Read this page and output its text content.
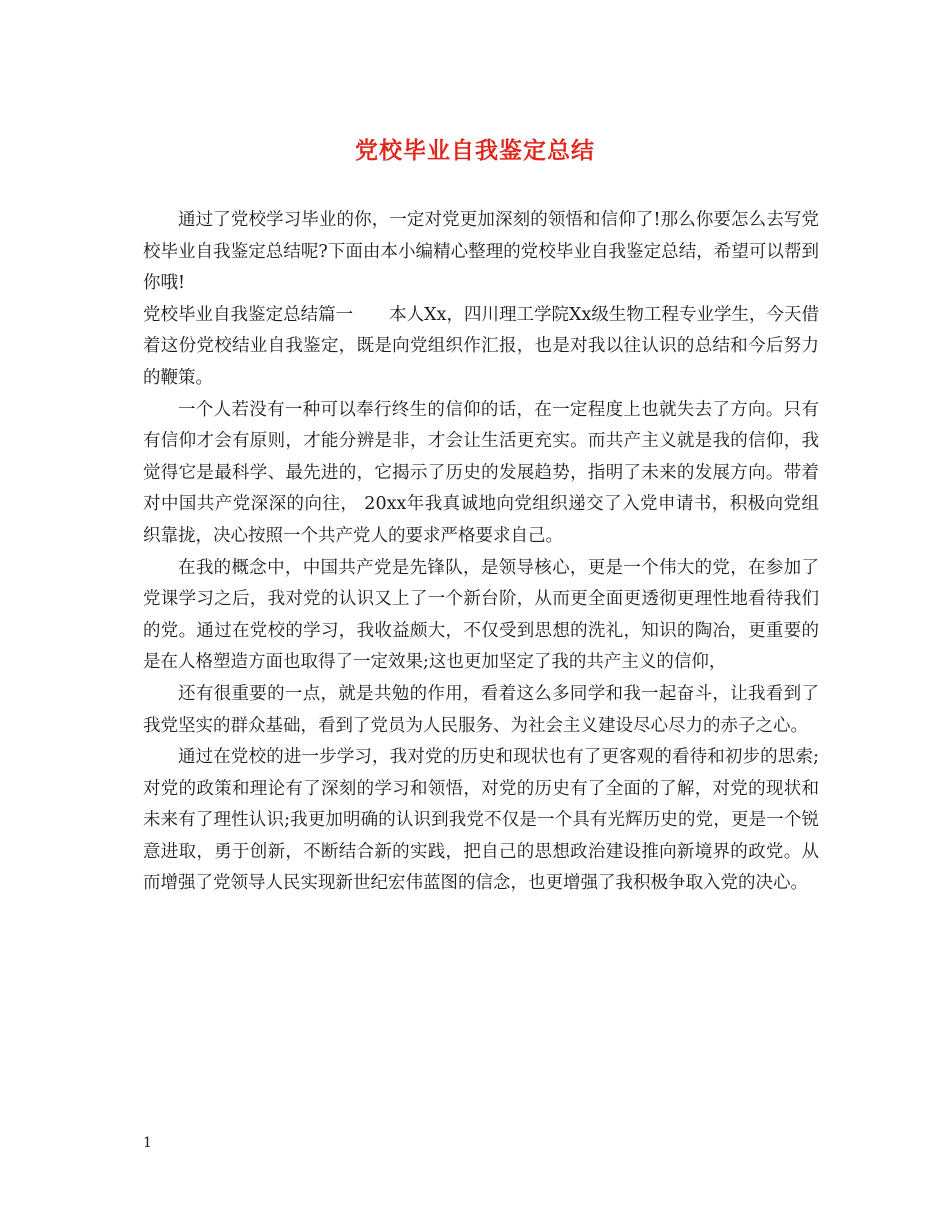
党校毕业自我鉴定总结

通过了党校学习毕业的你，一定对党更加深刻的领悟和信仰了!那么你要怎么去写党校毕业自我鉴定总结呢?下面由本小编精心整理的党校毕业自我鉴定总结，希望可以帮到你哦!

党校毕业自我鉴定总结篇一 本人Xx，四川理工学院Xx级生物工程专业学生，今天借着这份党校结业自我鉴定，既是向党组织作汇报，也是对我以往认识的总结和今后努力的鞭策。

一个人若没有一种可以奉行终生的信仰的话，在一定程度上也就失去了方向。只有有信仰才会有原则，才能分辨是非，才会让生活更充实。而共产主义就是我的信仰，我觉得它是最科学、最先进的，它揭示了历史的发展趋势，指明了未来的发展方向。带着对中国共产党深深的向往， 20xx年我真诚地向党组织递交了入党申请书，积极向党组织靠拢，决心按照一个共产党人的要求严格要求自己。

在我的概念中，中国共产党是先锋队，是领导核心，更是一个伟大的党，在参加了党课学习之后，我对党的认识又上了一个新台阶，从而更全面更透彻更理性地看待我们的党。通过在党校的学习，我收益颇大，不仅受到思想的洗礼，知识的陶冶，更重要的是在人格塑造方面也取得了一定效果;这也更加坚定了我的共产主义的信仰，

还有很重要的一点，就是共勉的作用，看着这么多同学和我一起奋斗，让我看到了我党坚实的群众基础，看到了党员为人民服务、为社会主义建设尽心尽力的赤子之心。

通过在党校的进一步学习，我对党的历史和现状也有了更客观的看待和初步的思索;对党的政策和理论有了深刻的学习和领悟，对党的历史有了全面的了解，对党的现状和未来有了理性认识;我更加明确的认识到我党不仅是一个具有光辉历史的党，更是一个锐意进取，勇于创新，不断结合新的实践，把自己的思想政治建设推向新境界的政党。从而增强了党领导人民实现新世纪宏伟蓝图的信念，也更增强了我积极争取入党的决心。

1
